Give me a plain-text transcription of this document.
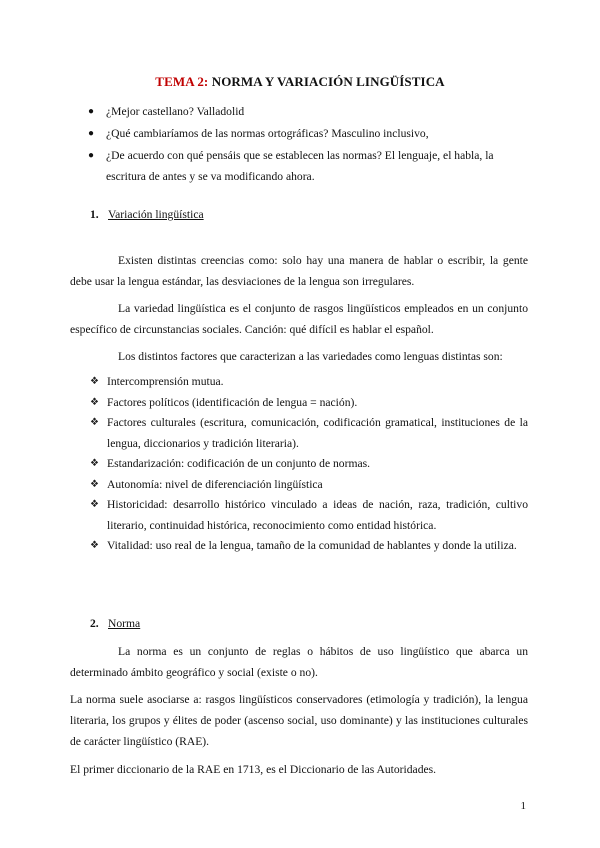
TEMA 2: NORMA Y VARIACIÓN LINGÜÍSTICA
● ¿Mejor castellano? Valladolid
● ¿Qué cambiaríamos de las normas ortográficas? Masculino inclusivo,
● ¿De acuerdo con qué pensáis que se establecen las normas? El lenguaje, el habla, la escritura de antes y se va modificando ahora.
1. Variación lingüística
Existen distintas creencias como: solo hay una manera de hablar o escribir, la gente debe usar la lengua estándar, las desviaciones de la lengua son irregulares.
La variedad lingüística es el conjunto de rasgos lingüísticos empleados en un conjunto específico de circunstancias sociales. Canción: qué difícil es hablar el español.
Los distintos factores que caracterizan a las variedades como lenguas distintas son:
❖ Intercomprensión mutua.
❖ Factores políticos (identificación de lengua = nación).
❖ Factores culturales (escritura, comunicación, codificación gramatical, instituciones de la lengua, diccionarios y tradición literaria).
❖ Estandarización: codificación de un conjunto de normas.
❖ Autonomía: nivel de diferenciación lingüística
❖ Historicidad: desarrollo histórico vinculado a ideas de nación, raza, tradición, cultivo literario, continuidad histórica, reconocimiento como entidad histórica.
❖ Vitalidad: uso real de la lengua, tamaño de la comunidad de hablantes y donde la utiliza.
2. Norma
La norma es un conjunto de reglas o hábitos de uso lingüístico que abarca un determinado ámbito geográfico y social (existe o no).
La norma suele asociarse a: rasgos lingüísticos conservadores (etimología y tradición), la lengua literaria, los grupos y élites de poder (ascenso social, uso dominante) y las instituciones culturales de carácter lingüístico (RAE).
El primer diccionario de la RAE en 1713, es el Diccionario de las Autoridades.
1
